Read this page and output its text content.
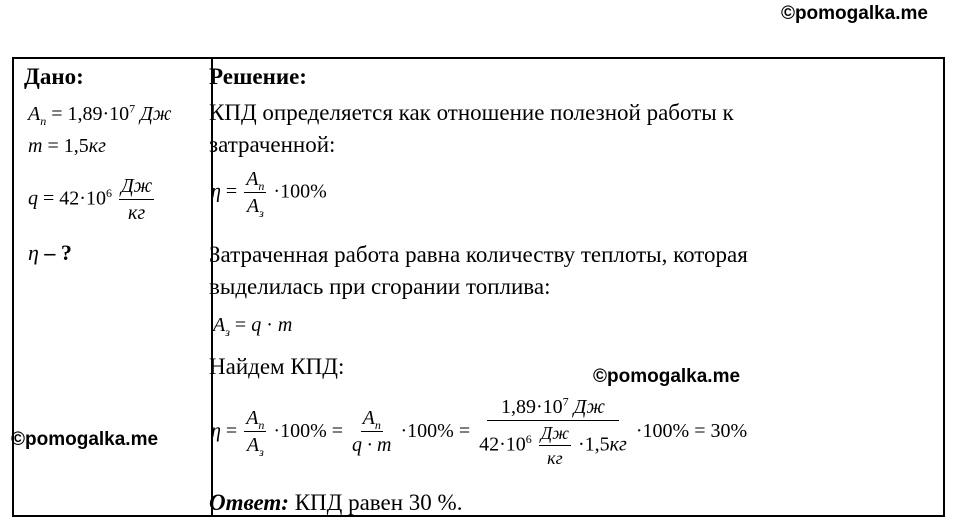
©pomogalka.me
©pomogalka.me
©pomogalka.me
Дано:
$A_п = 1,89\cdot 10^7$ Дж
m = 1,5кг
$q = 42\cdot 10^6 \frac{Дж}{кг}$
η – ?
Решение:
КПД определяется как отношение полезной работы к
затраченной:
$\eta = \frac{A_п}{A_з} \cdot 100\%$
Затраченная работа равна количеству теплоты, которая
выделилась при сгорании топлива:
$A_з = q \cdot m$
Найдем КПД:
$\eta = \frac{A_п}{A_з} \cdot 100\% = \frac{A_п}{q \cdot m} \cdot 100\% = \frac{1,89\cdot 10^7 Дж}{42\cdot 10^6 \frac{Дж}{кг} \cdot 1,5кг} \cdot 100\% = 30\%$
Ответ: КПД равен 30 %.
